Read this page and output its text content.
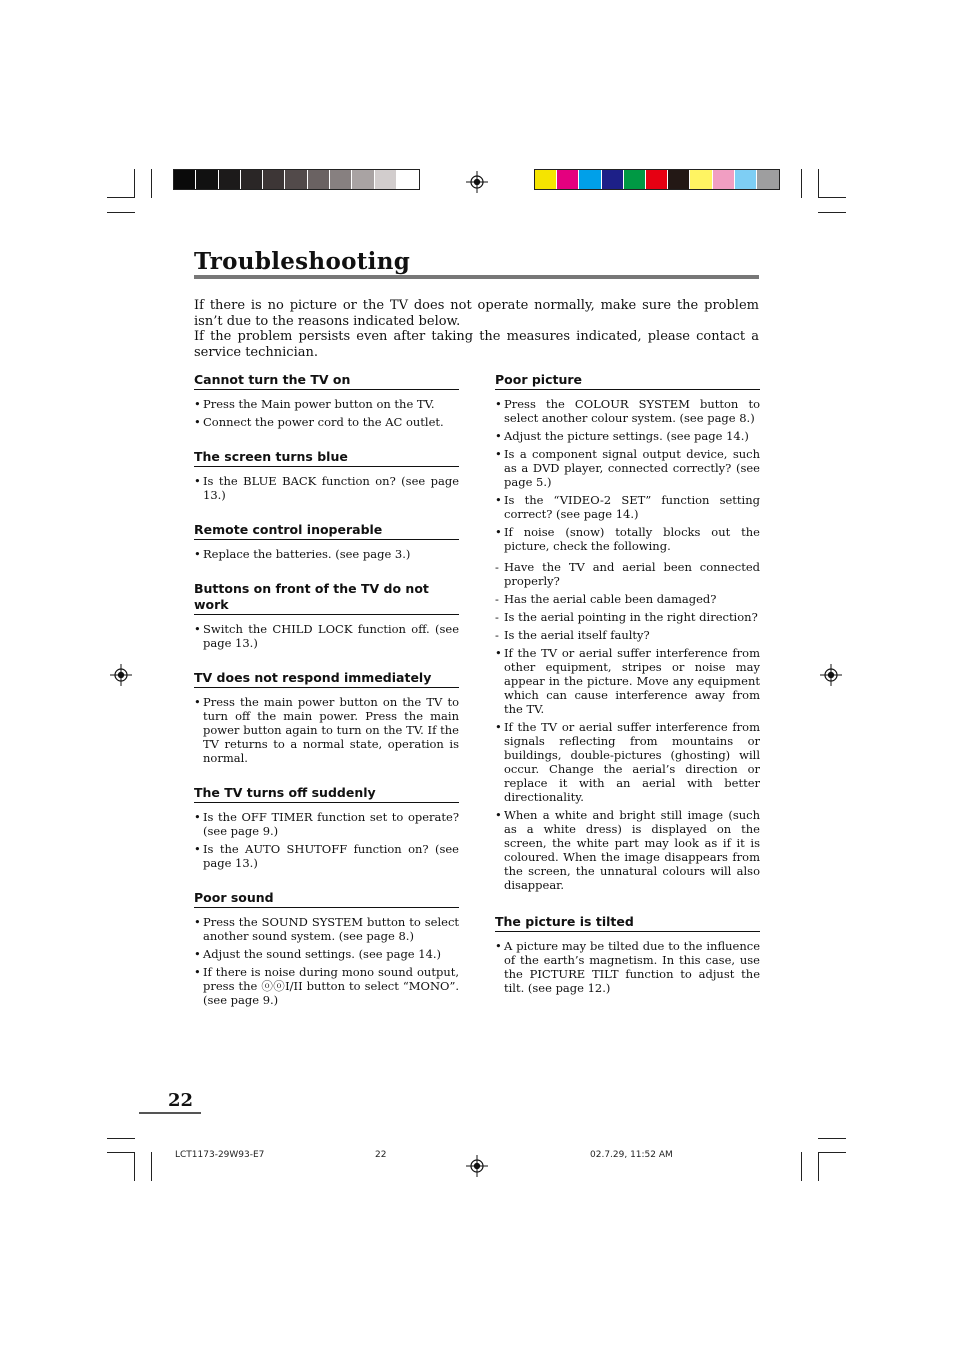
Troubleshooting

If there is no picture or the TV does not operate normally, make sure the problem isn’t due to the reasons indicated below.

If the problem persists even after taking the measures indicated, please contact a service technician.

Cannot turn the TV on
• Press the Main power button on the TV.
• Connect the power cord to the AC outlet.
The screen turns blue
• Is the BLUE BACK function on? (see page 13.)
Remote control inoperable
• Replace the batteries. (see page 3.)
Buttons on front of the TV do not work
• Switch the CHILD LOCK function off. (see page 13.)
TV does not respond immediately
• Press the main power button on the TV to turn off the main power. Press the main power button again to turn on the TV. If the TV returns to a normal state, operation is normal.
The TV turns off suddenly
• Is the OFF TIMER function set to operate? (see page 9.)
• Is the AUTO SHUTOFF function on? (see page 13.)
Poor sound
• Press the SOUND SYSTEM button to select another sound system. (see page 8.)
• Adjust the sound settings. (see page 14.)
• If there is noise during mono sound output, press the ⓞⓞI/II button to select “MONO”. (see page 9.)
Poor picture
• Press the COLOUR SYSTEM button to select another colour system. (see page 8.)
• Adjust the picture settings. (see page 14.)
• Is a component signal output device, such as a DVD player, connected correctly? (see page 5.)
• Is the “VIDEO-2 SET” function setting correct? (see page 14.)
• If noise (snow) totally blocks out the picture, check the following.
- Have the TV and aerial been connected properly?
- Has the aerial cable been damaged?
- Is the aerial pointing in the right direction?
- Is the aerial itself faulty?
• If the TV or aerial suffer interference from other equipment, stripes or noise may appear in the picture. Move any equipment which can cause interference away from the TV.
• If the TV or aerial suffer interference from signals reflecting from mountains or buildings, double-pictures (ghosting) will occur. Change the aerial’s direction or replace it with an aerial with better directionality.
• When a white and bright still image (such as a white dress) is displayed on the screen, the white part may look as if it is coloured. When the image disappears from the screen, the unnatural colours will also disappear.
The picture is tilted
• A picture may be tilted due to the influence of the earth’s magnetism. In this case, use the PICTURE TILT function to adjust the tilt. (see page 12.)
22
LCT1173-29W93-E7	22	02.7.29, 11:52 AM
